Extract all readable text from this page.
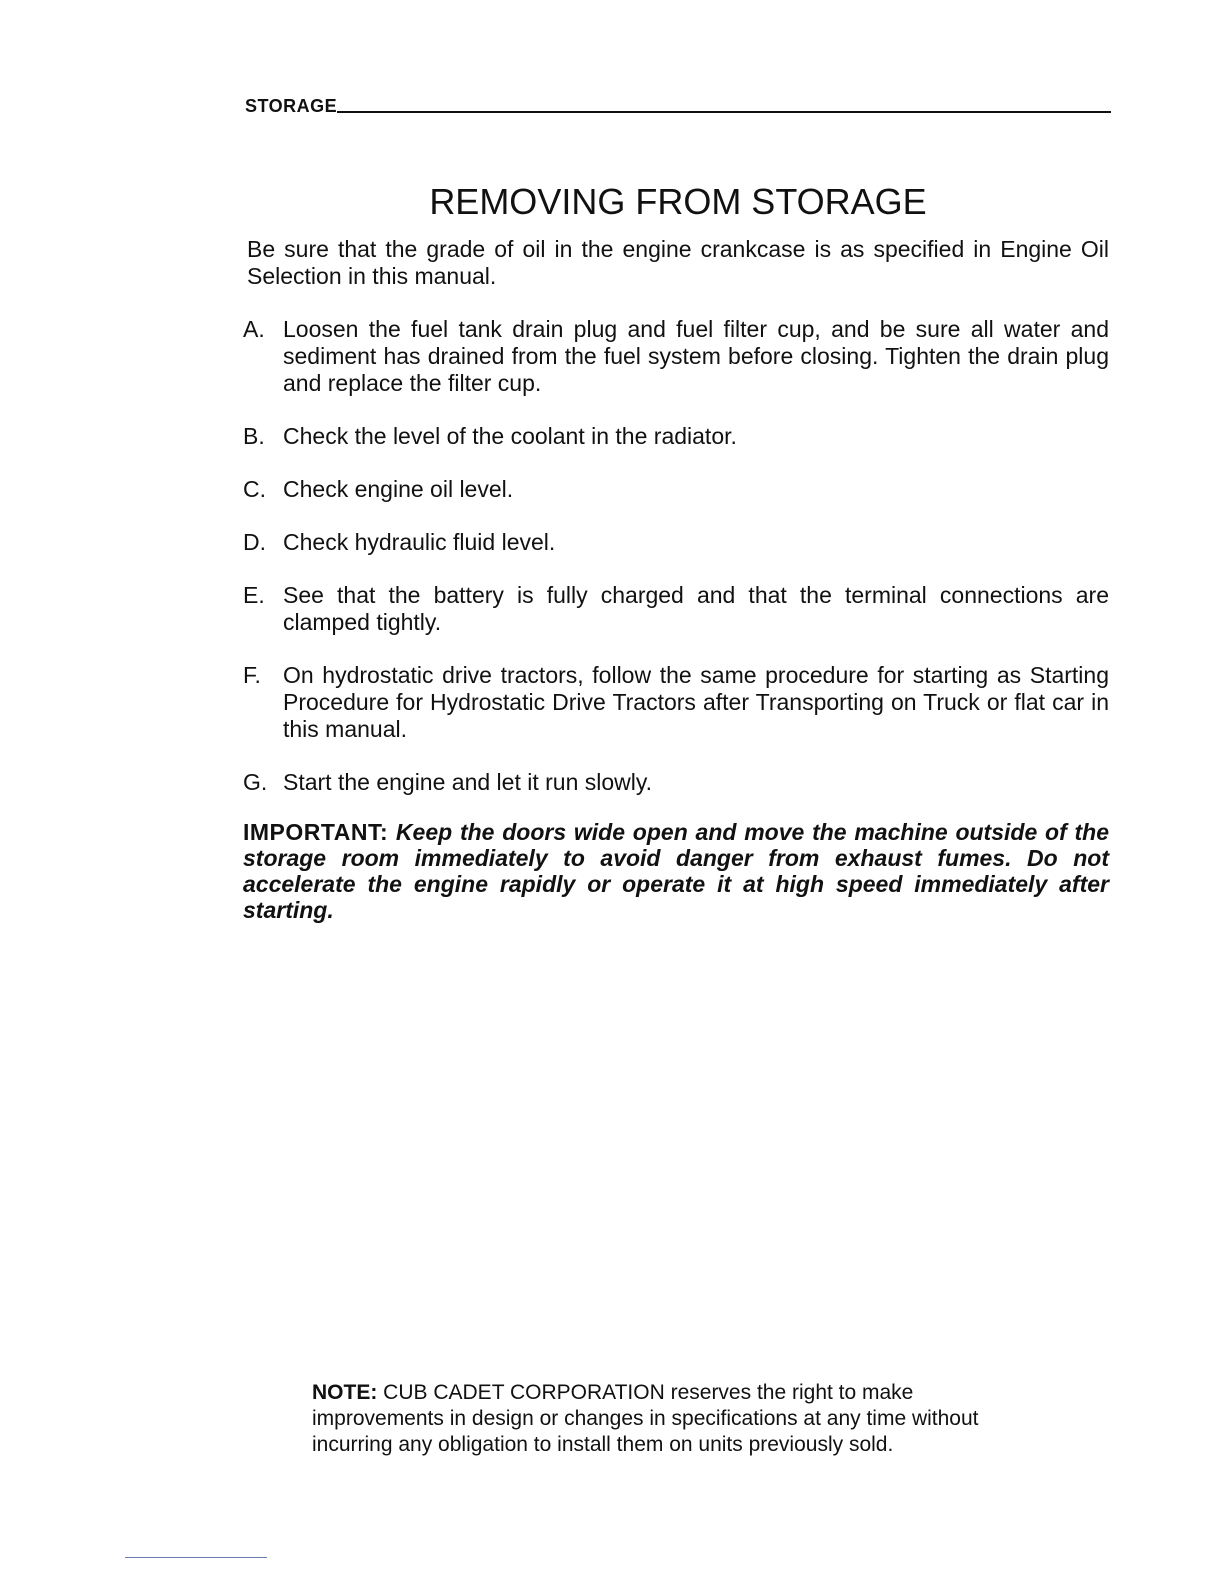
STORAGE
REMOVING FROM STORAGE

Be sure that the grade of oil in the engine crankcase is as specified in Engine Oil Selection in this manual.

A. Loosen the fuel tank drain plug and fuel filter cup, and be sure all water and sediment has drained from the fuel system before closing. Tighten the drain plug and replace the filter cup.
B. Check the level of the coolant in the radiator.
C. Check engine oil level.
D. Check hydraulic fluid level.
E. See that the battery is fully charged and that the terminal connections are clamped tightly.
F. On hydrostatic drive tractors, follow the same procedure for starting as Starting Procedure for Hydrostatic Drive Tractors after Transporting on Truck or flat car in this manual.
G. Start the engine and let it run slowly.

IMPORTANT: Keep the doors wide open and move the machine outside of the storage room immediately to avoid danger from exhaust fumes. Do not accelerate the engine rapidly or operate it at high speed immediately after starting.

NOTE: CUB CADET CORPORATION reserves the right to make improvements in design or changes in specifications at any time without incurring any obligation to install them on units previously sold.
